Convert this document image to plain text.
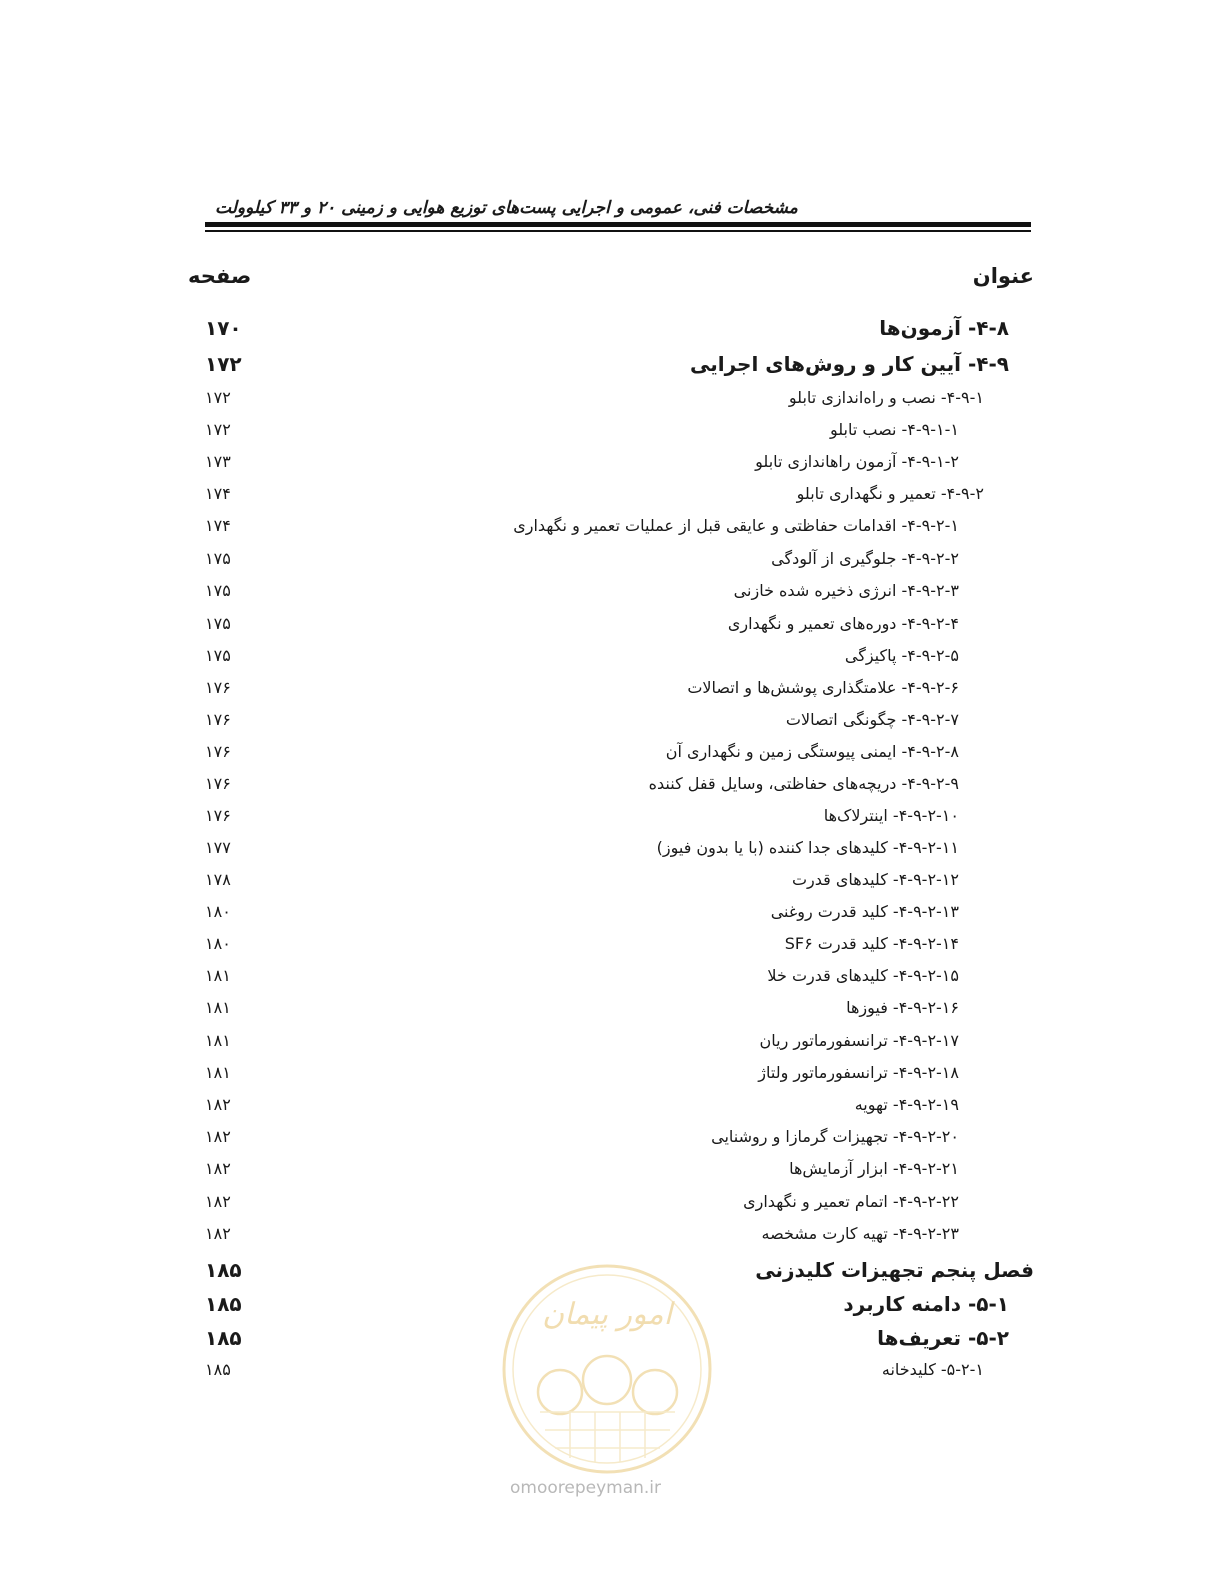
مشخصات فنی، عمومی و اجرایی پست‌های توزیع هوایی و زمینی ۲۰ و ۳۳ کیلوولت
عنوان
صفحه
۴-۸- آزمون‌ها
۱۷۰
۴-۹- آیین کار و روش‌های اجرایی
۱۷۲
۴-۹-۱- نصب و راه‌اندازی تابلو
۱۷۲
۴-۹-۱-۱- نصب تابلو
۱۷۲
۴-۹-۱-۲- آزمون راهاندازی تابلو
۱۷۳
۴-۹-۲- تعمیر و نگهداری تابلو
۱۷۴
۴-۹-۲-۱- اقدامات حفاظتی و عایقی قبل از عملیات تعمیر و نگهداری
۱۷۴
۴-۹-۲-۲- جلوگیری از آلودگی
۱۷۵
۴-۹-۲-۳- انرژی ذخیره شده خازنی
۱۷۵
۴-۹-۲-۴- دوره‌های تعمیر و نگهداری
۱۷۵
۴-۹-۲-۵- پاکیزگی
۱۷۵
۴-۹-۲-۶- علامتگذاری پوشش‌ها و اتصالات
۱۷۶
۴-۹-۲-۷- چگونگی اتصالات
۱۷۶
۴-۹-۲-۸- ایمنی پیوستگی زمین و نگهداری آن
۱۷۶
۴-۹-۲-۹- دریچه‌های حفاظتی، وسایل قفل کننده
۱۷۶
۴-۹-۲-۱۰- اینترلاک‌ها
۱۷۶
۴-۹-۲-۱۱- کلیدهای جدا کننده (با یا بدون فیوز)
۱۷۷
۴-۹-۲-۱۲- کلیدهای قدرت
۱۷۸
۴-۹-۲-۱۳- کلید قدرت روغنی
۱۸۰
۴-۹-۲-۱۴- کلید قدرت SF۶
۱۸۰
۴-۹-۲-۱۵- کلیدهای قدرت خلا
۱۸۱
۴-۹-۲-۱۶- فیوزها
۱۸۱
۴-۹-۲-۱۷- ترانسفورماتور ریان
۱۸۱
۴-۹-۲-۱۸- ترانسفورماتور ولتاژ
۱۸۱
۴-۹-۲-۱۹- تهویه
۱۸۲
۴-۹-۲-۲۰- تجهیزات گرمازا و روشنایی
۱۸۲
۴-۹-۲-۲۱- ابزار آزمایش‌ها
۱۸۲
۴-۹-۲-۲۲- اتمام تعمیر و نگهداری
۱۸۲
۴-۹-۲-۲۳- تهیه کارت مشخصه
۱۸۲
فصل پنجم تجهیزات کلیدزنی
۱۸۵
۵-۱- دامنه کاربرد
۱۸۵
۵-۲- تعریف‌ها
۱۸۵
۵-۲-۱- کلیدخانه
۱۸۵
امور پیمان
omoorepeyman.ir
